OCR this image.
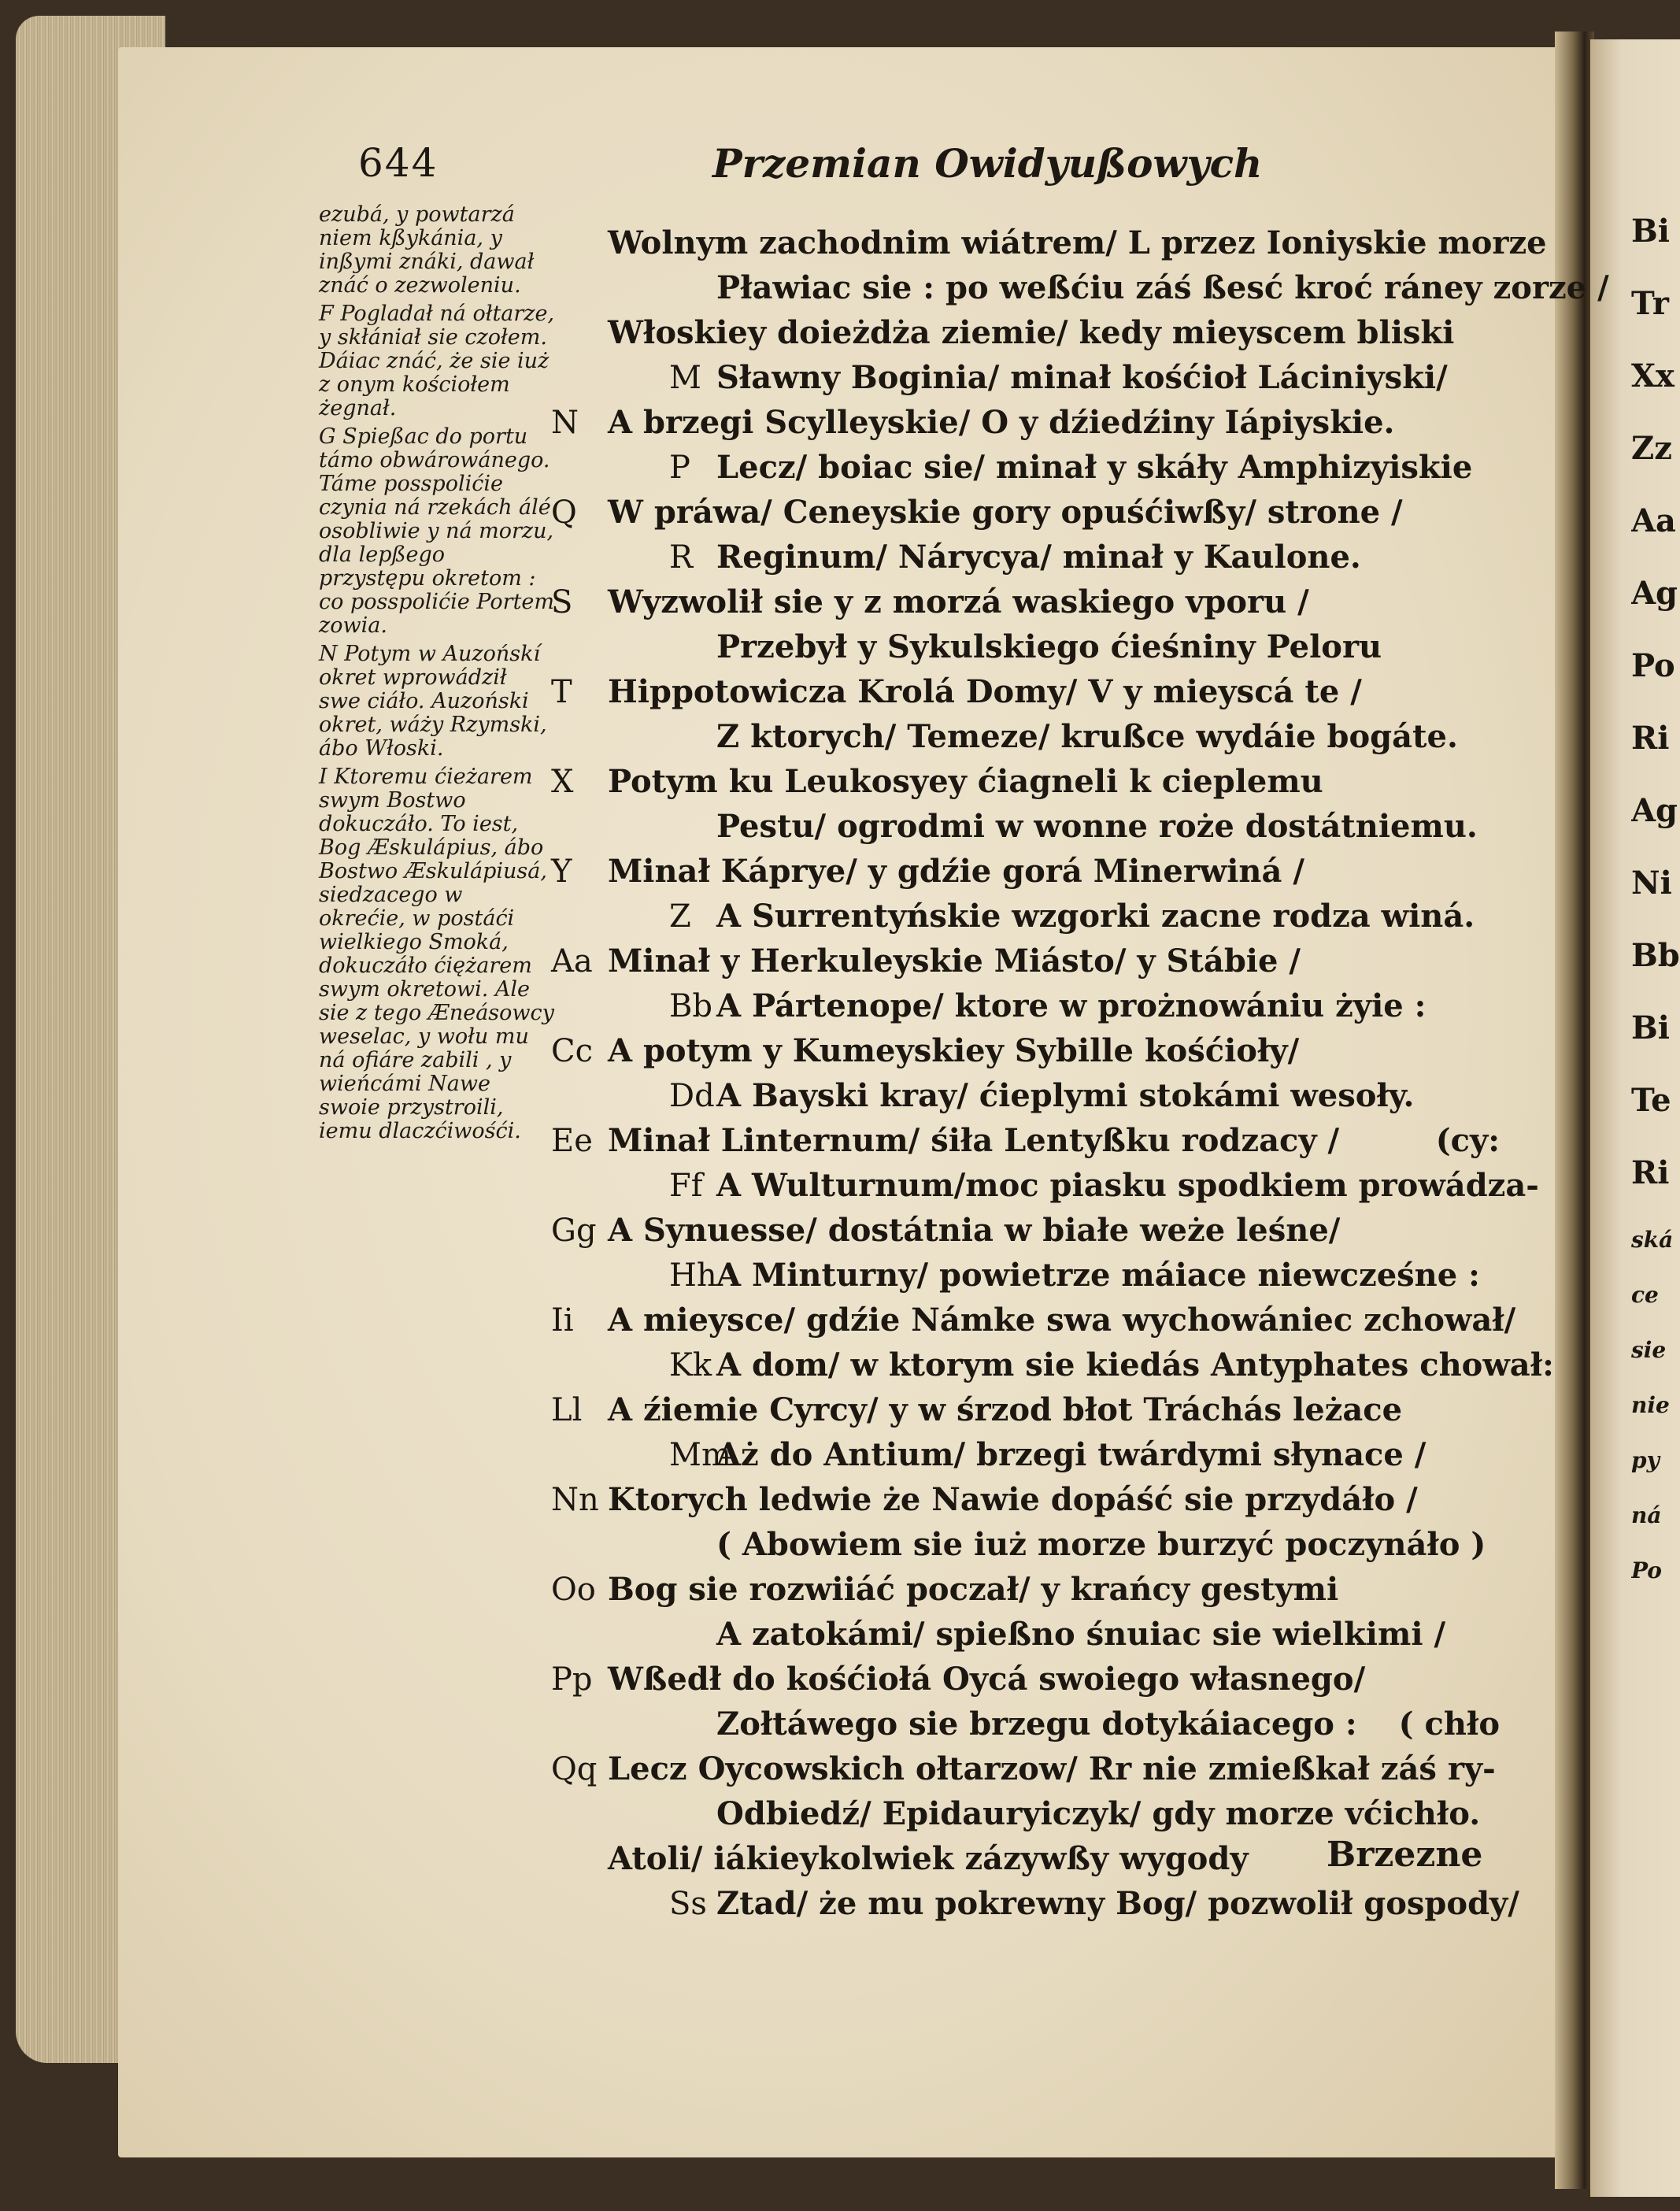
644	Przemian Owidyußowych

ezubá, y powtarzá niem kßykánia, y inßymi znáki, dawał znáć o zezwoleniu.

F Pogladał ná ołtarze, y skłániał sie czołem. Dáiac znáć, że sie iuż z onym kościołem żegnał.

G Spießac do portu támo obwárowánego. Táme posspolićie czynia ná rzekách álé osobliwie y ná morzu, dla lepßego przystępu okretom : co posspolićie Portem zowia.

N Potym w Auzońskí okret wprowádził swe ciáło. Auzoński okret, wáży Rzymski, ábo Włoski.

I Ktoremu ćieżarem swym Bostwo dokuczáło. To iest, Bog Æskulápius, ábo Bostwo Æskulápiusá, siedzacego w okrećie, w postáći wielkiego Smoká, dokuczáło ćiężarem swym okretowi. Ale sie z tego Æneásowcy weselac, y wołu mu ná ofiáre zabili , y wieńcámi Nawe swoie przystroili, iemu dlaczćiwośći.

Wolnym zachodnim wiátrem/ L przez Ioniyskie morze
Pławiac sie : po weßćiu záś ßesć kroć ráney zorze /
Włoskiey doieżdża ziemie/ kedy mieyscem bliski
M Sławny Boginia/ minał kośćioł Láciniyski/
N A brzegi Scylleyskie/ O y dźiedźiny Iápiyskie.
P Lecz/ boiac sie/ minał y skáły Amphizyiskie
Q W práwa/ Ceneyskie gory opuśćiwßy/ strone /
R Reginum/ Nárycya/ minał y Kaulone.
S Wyzwolił sie y z morzá waskiego vporu /
Przebył y Sykulskiego ćieśniny Peloru
T Hippotowicza Krolá Domy/ V y mieyscá te /
Z ktorych/ Temeze/ krußce wydáie bogáte.
X Potym ku Leukosyey ćiagneli k cieplemu
Pestu/ ogrodmi w wonne roże dostátniemu.
Y Minał Káprye/ y gdźie gorá Minerwiná /
Z A Surrentyńskie wzgorki zacne rodza winá.
Aa Minał y Herkuleyskie Miásto/ y Stábie /
Bb A Pártenope/ ktore w prożnowániu żyie :
Cc A potym y Kumeyskiey Sybille kośćioły/
DdA Bayski kray/ ćieplymi stokámi wesoły.
Ee Minał Linternum/ śiła Lentyßku rodzacy /	(cy:
Ff A Wulturnum/moc piasku spodkiem prowádza-
Gg A Synuesse/ dostátnia w białe weże leśne/
HhA Minturny/ powietrze máiace niewcześne :
Ii A mieysce/ gdźie Námke swa wychowániec zchował/
Kk A dom/ w ktorym sie kiedás Antyphates chował:
Ll A źiemie Cyrcy/ y w śrzod błot Tráchás leżace
MmAż do Antium/ brzegi twárdymi słynace /
Nn Ktorych ledwie że Nawie dopáść sie przydáło /
( Abowiem sie iuż morze burzyć poczynáło )
Oo Bog sie rozwiiáć poczał/ y krańcy gestymi
A zatokámi/ spießno śnuiac sie wielkimi /
Pp Wßedł do kośćiołá Oycá swoiego własnego/
Zołtáwego sie brzegu dotykáiacego : ( chło
Qq Lecz Oycowskich ołtarzow/ Rr nie zmießkał záś ry-
Odbiedź/ Epidauryiczyk/ gdy morze vćichło.
Atoli/ iákieykolwiek zázywßy wygody
Ss Ztad/ że mu pokrewny Bog/ pozwolił gospody/
Brzezne
Bi
Tr
Xx
Zz
Aa
Ag
Po
Ri
Ag
Ni
Bb
Bi
Te
Ri
ská
ce
sie
nie
py
ná
Po
